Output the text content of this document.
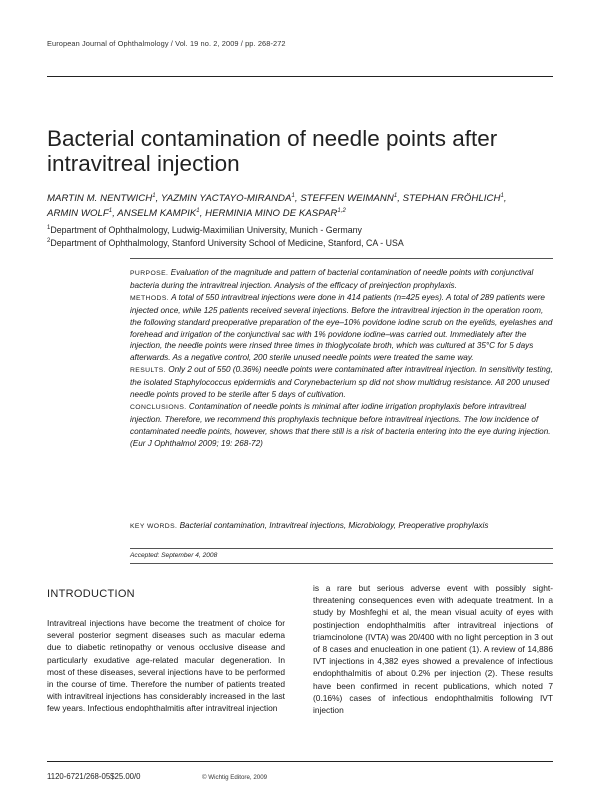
European Journal of Ophthalmology / Vol. 19 no. 2, 2009 / pp. 268-272
Bacterial contamination of needle points after intravitreal injection
MARTIN M. NENTWICH$^1$, YAZMIN YACTAYO-MIRANDA$^1$, STEFFEN WEIMANN$^1$, STEPHAN FRÖHLICH$^1$,
ARMIN WOLF$^1$, ANSELM KAMPIK$^1$, HERMINIA MINO DE KASPAR$^{1,2}$
$^1$Department of Ophthalmology, Ludwig-Maximilian University, Munich - Germany
$^2$Department of Ophthalmology, Stanford University School of Medicine, Stanford, CA - USA

PURPOSE. Evaluation of the magnitude and pattern of bacterial contamination of needle points with conjunctival bacteria during the intravitreal injection. Analysis of the efficacy of preinjection prophylaxis.

METHODS. A total of 550 intravitreal injections were done in 414 patients (n=425 eyes). A total of 289 patients were injected once, while 125 patients received several injections. Before the intravitreal injection in the operation room, the following standard preoperative preparation of the eye–10% povidone iodine scrub on the eyelids, eyelashes and forehead and irrigation of the conjunctival sac with 1% povidone iodine–was carried out. Immediately after the injection, the needle points were rinsed three times in thioglycolate broth, which was cultured at 35°C for 5 days afterwards. As a negative control, 200 sterile unused needle points were treated the same way.

RESULTS. Only 2 out of 550 (0.36%) needle points were contaminated after intravitreal injection. In sensitivity testing, the isolated Staphylococcus epidermidis and Corynebacterium sp did not show multidrug resistance. All 200 unused needle points proved to be sterile after 5 days of cultivation.

CONCLUSIONS. Contamination of needle points is minimal after iodine irrigation prophylaxis before intravitreal injection. Therefore, we recommend this prophylaxis technique before intravitreal injections. The low incidence of contaminated needle points, however, shows that there still is a risk of bacteria entering into the eye during injection. (Eur J Ophthalmol 2009; 19: 268-72)

KEY WORDS. Bacterial contamination, Intravitreal injections, Microbiology, Preoperative prophylaxis
Accepted: September 4, 2008
INTRODUCTION
Intravitreal injections have become the treatment of choice for several posterior segment diseases such as macular edema due to diabetic retinopathy or venous occlusive disease and particularly exudative age-related macular degeneration. In most of these diseases, several injections have to be performed in the course of time. Therefore the number of patients treated with intravitreal injections has considerably increased in the last few years. Infectious endophthalmitis after intravitreal injection
is a rare but serious adverse event with possibly sight-threatening consequences even with adequate treatment. In a study by Moshfeghi et al, the mean visual acuity of eyes with postinjection endophthalmitis after intravitreal injections of triamcinolone (IVTA) was 20/400 with no light perception in 3 out of 8 cases and enucleation in one patient (1). A review of 14,886 IVT injections in 4,382 eyes showed a prevalence of infectious endophthalmitis of about 0.2% per injection (2). These results have been confirmed in recent publications, which noted 7 (0.16%) cases of infectious endophthalmitis following IVT injection
1120-6721/268-05$25.00/0	© Wichtig Editore, 2009
